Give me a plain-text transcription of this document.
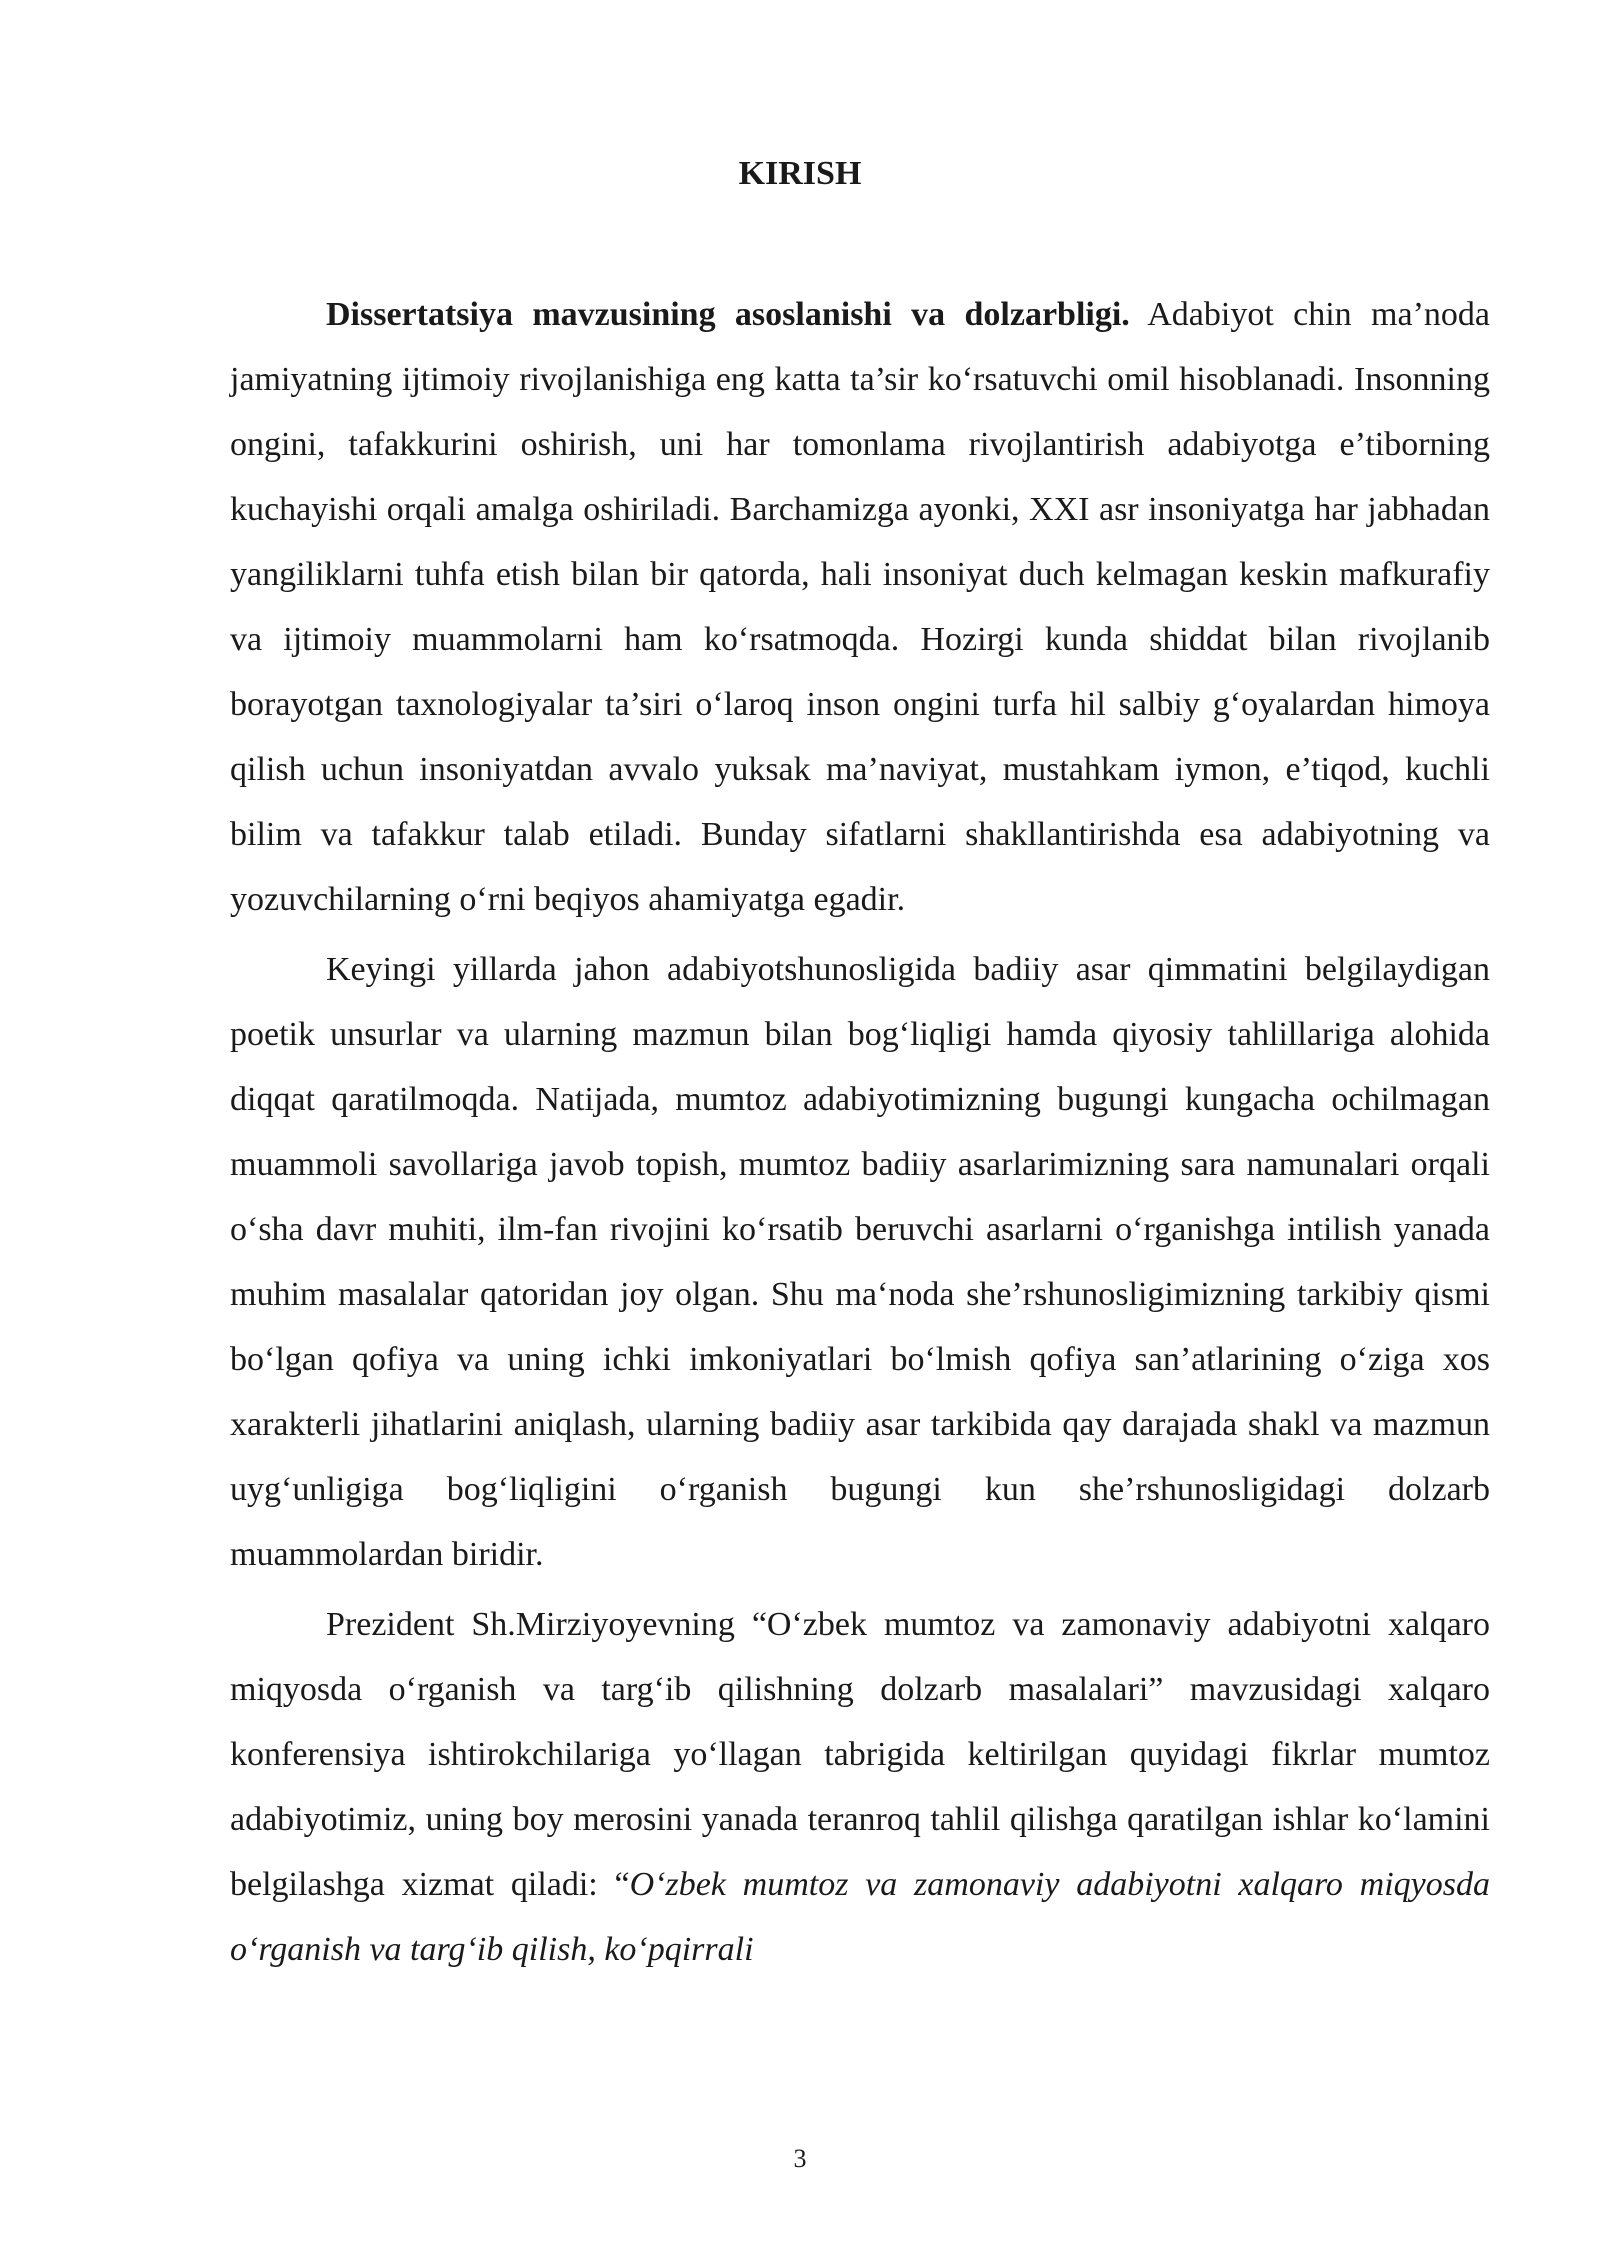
KIRISH

Dissertatsiya mavzusining asoslanishi va dolzarbligi. Adabiyot chin ma’noda jamiyatning ijtimoiy rivojlanishiga eng katta ta’sir ko‘rsatuvchi omil hisoblanadi. Insonning ongini, tafakkurini oshirish, uni har tomonlama rivojlantirish adabiyotga e’tiborning kuchayishi orqali amalga oshiriladi. Barchamizga ayonki, XXI asr insoniyatga har jabhadan yangiliklarni tuhfa etish bilan bir qatorda, hali insoniyat duch kelmagan keskin mafkurafiy va ijtimoiy muammolarni ham ko‘rsatmoqda. Hozirgi kunda shiddat bilan rivojlanib borayotgan taxnologiyalar ta’siri o‘laroq inson ongini turfa hil salbiy g‘oyalardan himoya qilish uchun insoniyatdan avvalo yuksak ma’naviyat, mustahkam iymon, e’tiqod, kuchli bilim va tafakkur talab etiladi. Bunday sifatlarni shakllantirishda esa adabiyotning va yozuvchilarning o‘rni beqiyos ahamiyatga egadir.

Keyingi yillarda jahon adabiyotshunosligida badiiy asar qimmatini belgilaydigan poetik unsurlar va ularning mazmun bilan bog‘liqligi hamda qiyosiy tahlillariga alohida diqqat qaratilmoqda. Natijada, mumtoz adabiyotimizning bugungi kungacha ochilmagan muammoli savollariga javob topish, mumtoz badiiy asarlarimizning sara namunalari orqali o‘sha davr muhiti, ilm-fan rivojini ko‘rsatib beruvchi asarlarni o‘rganishga intilish yanada muhim masalalar qatoridan joy olgan. Shu ma‘noda she’rshunosligimizning tarkibiy qismi bo‘lgan qofiya va uning ichki imkoniyatlari bo‘lmish qofiya san’atlarining o‘ziga xos xarakterli jihatlarini aniqlash, ularning badiiy asar tarkibida qay darajada shakl va mazmun uyg‘unligiga bog‘liqligini o‘rganish bugungi kun she’rshunosligidagi dolzarb muammolardan biridir.

Prezident Sh.Mirziyoyevning “O‘zbek mumtoz va zamonaviy adabiyotni xalqaro miqyosda o‘rganish va targ‘ib qilishning dolzarb masalalari” mavzusidagi xalqaro konferensiya ishtirokchilariga yo‘llagan tabrigida keltirilgan quyidagi fikrlar mumtoz adabiyotimiz, uning boy merosini yanada teranroq tahlil qilishga qaratilgan ishlar ko‘lamini belgilashga xizmat qiladi: “O‘zbek mumtoz va zamonaviy adabiyotni xalqaro miqyosda o‘rganish va targ‘ib qilish, ko‘pqirrali

3
